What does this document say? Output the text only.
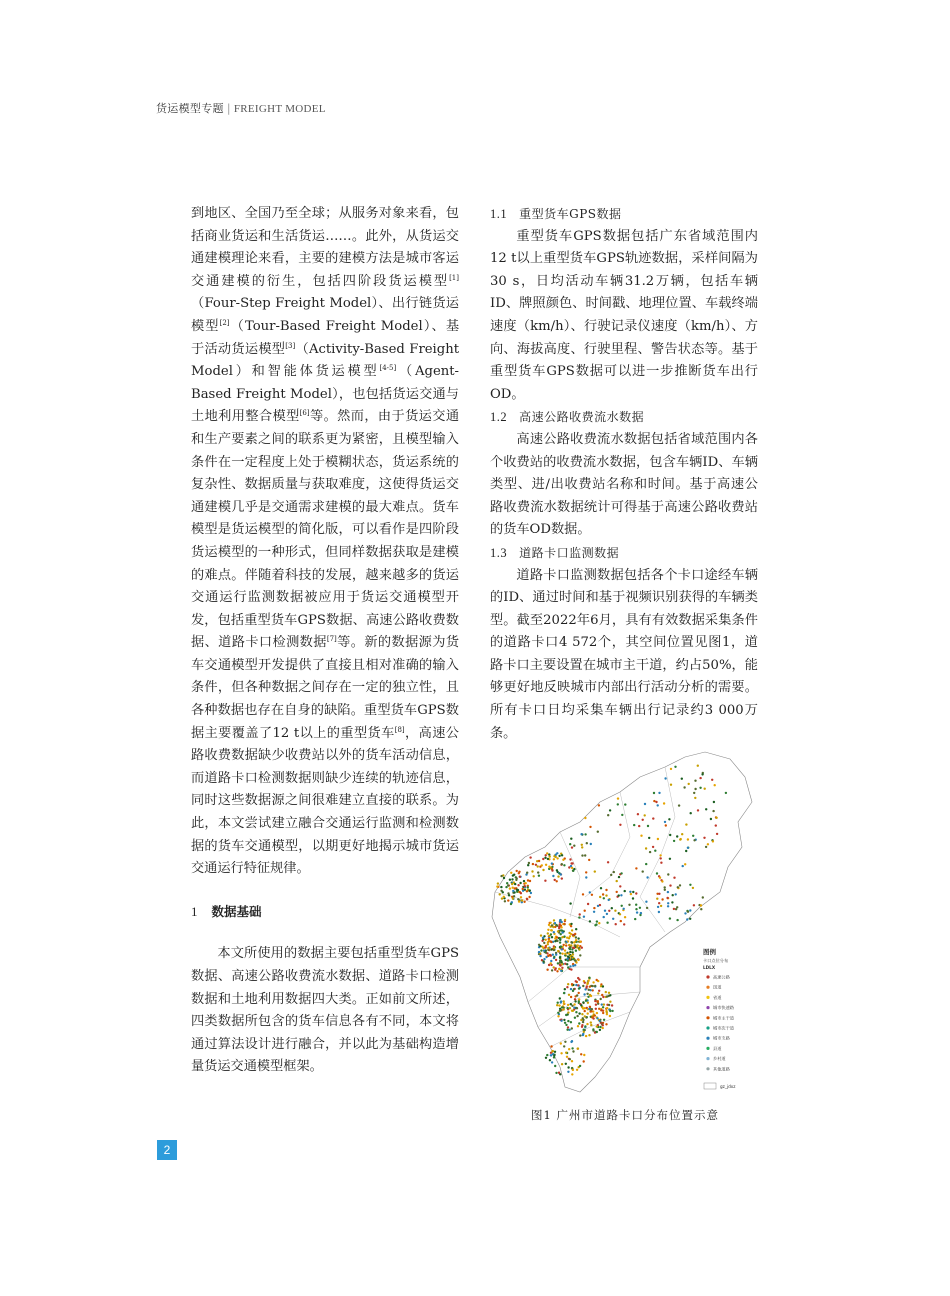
货运模型专题 | FREIGHT MODEL

到地区、全国乃至全球；从服务对象来看，包括商业货运和生活货运……。此外，从货运交通建模理论来看，主要的建模方法是城市客运交通建模的衍生，包括四阶段货运模型[1]（Four-Step Freight Model）、出行链货运模型[2]（Tour-Based Freight Model）、基于活动货运模型[3]（Activity-Based Freight Model）和智能体货运模型[4-5]（Agent-Based Freight Model），也包括货运交通与土地利用整合模型[6]等。然而，由于货运交通和生产要素之间的联系更为紧密，且模型输入条件在一定程度上处于模糊状态，货运系统的复杂性、数据质量与获取难度，这使得货运交通建模几乎是交通需求建模的最大难点。货车模型是货运模型的简化版，可以看作是四阶段货运模型的一种形式，但同样数据获取是建模的难点。伴随着科技的发展，越来越多的货运交通运行监测数据被应用于货运交通模型开发，包括重型货车GPS数据、高速公路收费数据、道路卡口检测数据[7]等。新的数据源为货车交通模型开发提供了直接且相对准确的输入条件，但各种数据之间存在一定的独立性，且各种数据也存在自身的缺陷。重型货车GPS数据主要覆盖了12 t以上的重型货车[8]，高速公路收费数据缺少收费站以外的货车活动信息，而道路卡口检测数据则缺少连续的轨迹信息，同时这些数据源之间很难建立直接的联系。为此，本文尝试建立融合交通运行监测和检测数据的货车交通模型，以期更好地揭示城市货运交通运行特征规律。

1 数据基础

本文所使用的数据主要包括重型货车GPS数据、高速公路收费流水数据、道路卡口检测数据和土地利用数据四大类。正如前文所述，四类数据所包含的货车信息各有不同，本文将通过算法设计进行融合，并以此为基础构造增量货运交通模型框架。

1.1 重型货车GPS数据

重型货车GPS数据包括广东省域范围内12 t以上重型货车GPS轨迹数据，采样间隔为30 s，日均活动车辆31.2万辆，包括车辆ID、牌照颜色、时间戳、地理位置、车载终端速度（km/h）、行驶记录仪速度（km/h）、方向、海拔高度、行驶里程、警告状态等。基于重型货车GPS数据可以进一步推断货车出行OD。

1.2 高速公路收费流水数据

高速公路收费流水数据包括省域范围内各个收费站的收费流水数据，包含车辆ID、车辆类型、进/出收费站名称和时间。基于高速公路收费流水数据统计可得基于高速公路收费站的货车OD数据。

1.3 道路卡口监测数据

道路卡口监测数据包括各个卡口途经车辆的ID、通过时间和基于视频识别获得的车辆类型。截至2022年6月，具有有效数据采集条件的道路卡口4 572个，其空间位置见图1，道路卡口主要设置在城市主干道，约占50%，能够更好地反映城市内部出行活动分析的需要。所有卡口日均采集车辆出行记录约3 000万条。

图例
卡口点位分布
LDLX
高速公路
国道
省道
城市快速路
城市主干道
城市次干道
城市支路
县道
乡村道
其他道路
gz_jdxz
图1 广州市道路卡口分布位置示意
2
